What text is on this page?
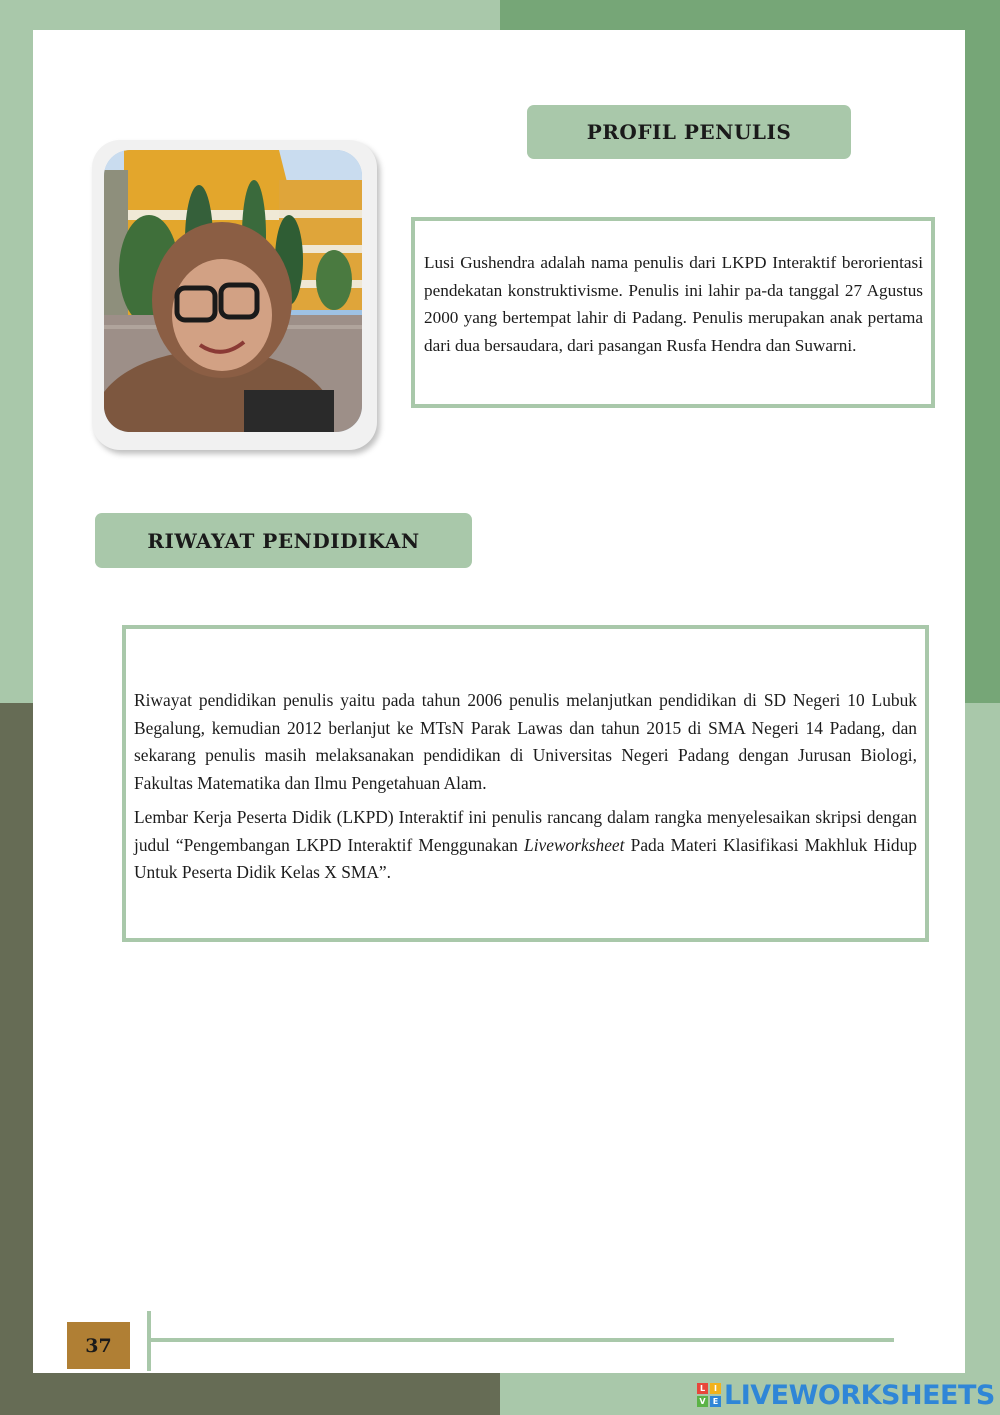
PROFIL PENULIS

Lusi Gushendra adalah nama penulis dari LKPD Interaktif berorientasi pendekatan konstruktivisme. Penulis ini lahir pa-da tanggal 27 Agustus 2000 yang bertempat lahir di Padang. Penulis merupakan anak pertama dari dua bersaudara, dari pasangan Rusfa Hendra dan Suwarni.

RIWAYAT PENDIDIKAN

Riwayat pendidikan penulis yaitu pada tahun 2006 penulis melanjutkan pendidikan di SD Negeri 10 Lubuk Begalung, kemudian 2012 berlanjut ke MTsN Parak Lawas dan tahun 2015 di SMA Negeri 14 Padang, dan sekarang penulis masih melaksanakan pendidikan di Universitas Negeri Padang dengan Jurusan Biologi, Fakultas Matematika dan Ilmu Pengetahuan Alam.

Lembar Kerja Peserta Didik (LKPD) Interaktif ini penulis rancang dalam rangka menyelesaikan skripsi dengan judul “Pengembangan LKPD Interaktif Menggunakan Liveworksheet Pada Materi Klasifikasi Makhluk Hidup Untuk Peserta Didik Kelas X SMA”.

37
L	I
V E LIVEWORKSHEETS
